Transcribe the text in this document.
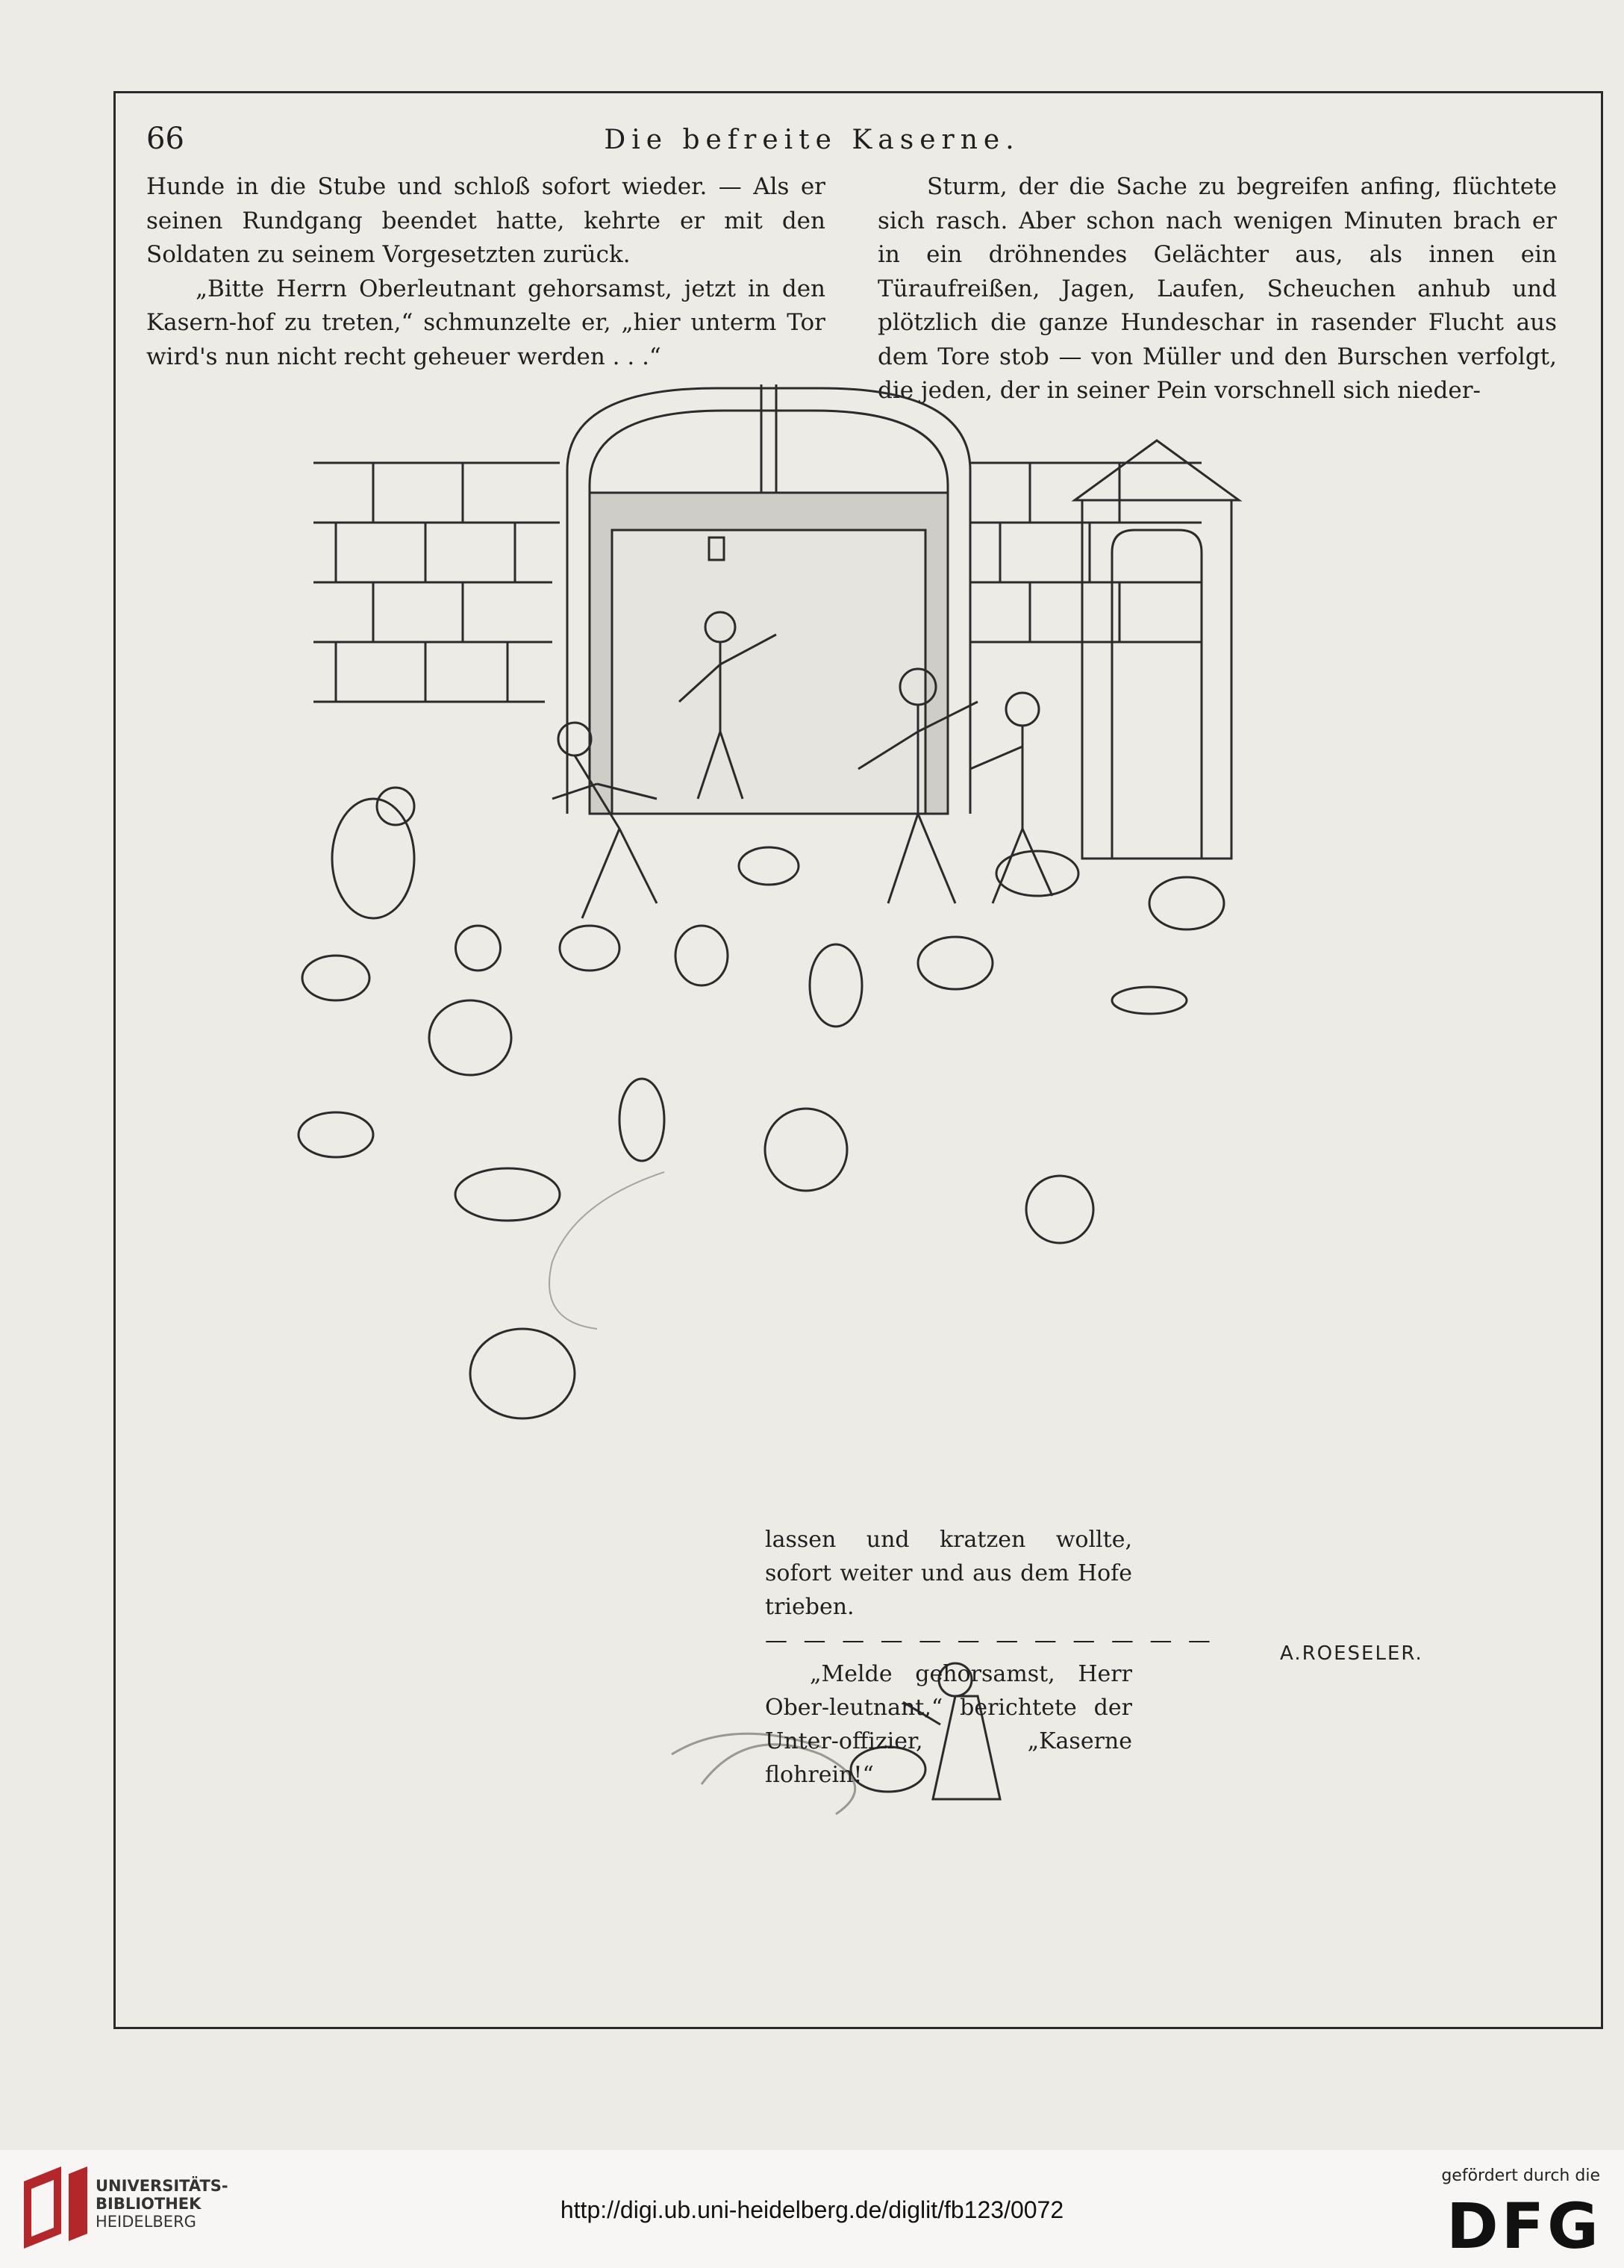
66	Die befreite Kaserne.

Hunde in die Stube und schloß sofort wieder. — Als er seinen Rundgang beendet hatte, kehrte er mit den Soldaten zu seinem Vorgesetzten zurück.

„Bitte Herrn Oberleutnant gehorsamst, jetzt in den Kasern-hof zu treten,“ schmunzelte er, „hier unterm Tor wird's nun nicht recht geheuer werden . . .“

Sturm, der die Sache zu begreifen anfing, flüchtete sich rasch. Aber schon nach wenigen Minuten brach er in ein dröhnendes Gelächter aus, als innen ein Türaufreißen, Jagen, Laufen, Scheuchen anhub und plötzlich die ganze Hundeschar in rasender Flucht aus dem Tore stob — von Müller und den Burschen verfolgt, die jeden, der in seiner Pein vorschnell sich nieder-

lassen und kratzen wollte, sofort weiter und aus dem Hofe trieben.

— — — — — — — — — — — —

„Melde gehorsamst, Herr Ober-leutnant,“ berichtete der Unter-offizier, „Kaserne flohrein!“

A.ROESELER.
UNIVERSITÄTS-
BIBLIOTHEK
HEIDELBERG	http://digi.ub.uni-heidelberg.de/diglit/fb123/0072
gefördert durch die
DFG
